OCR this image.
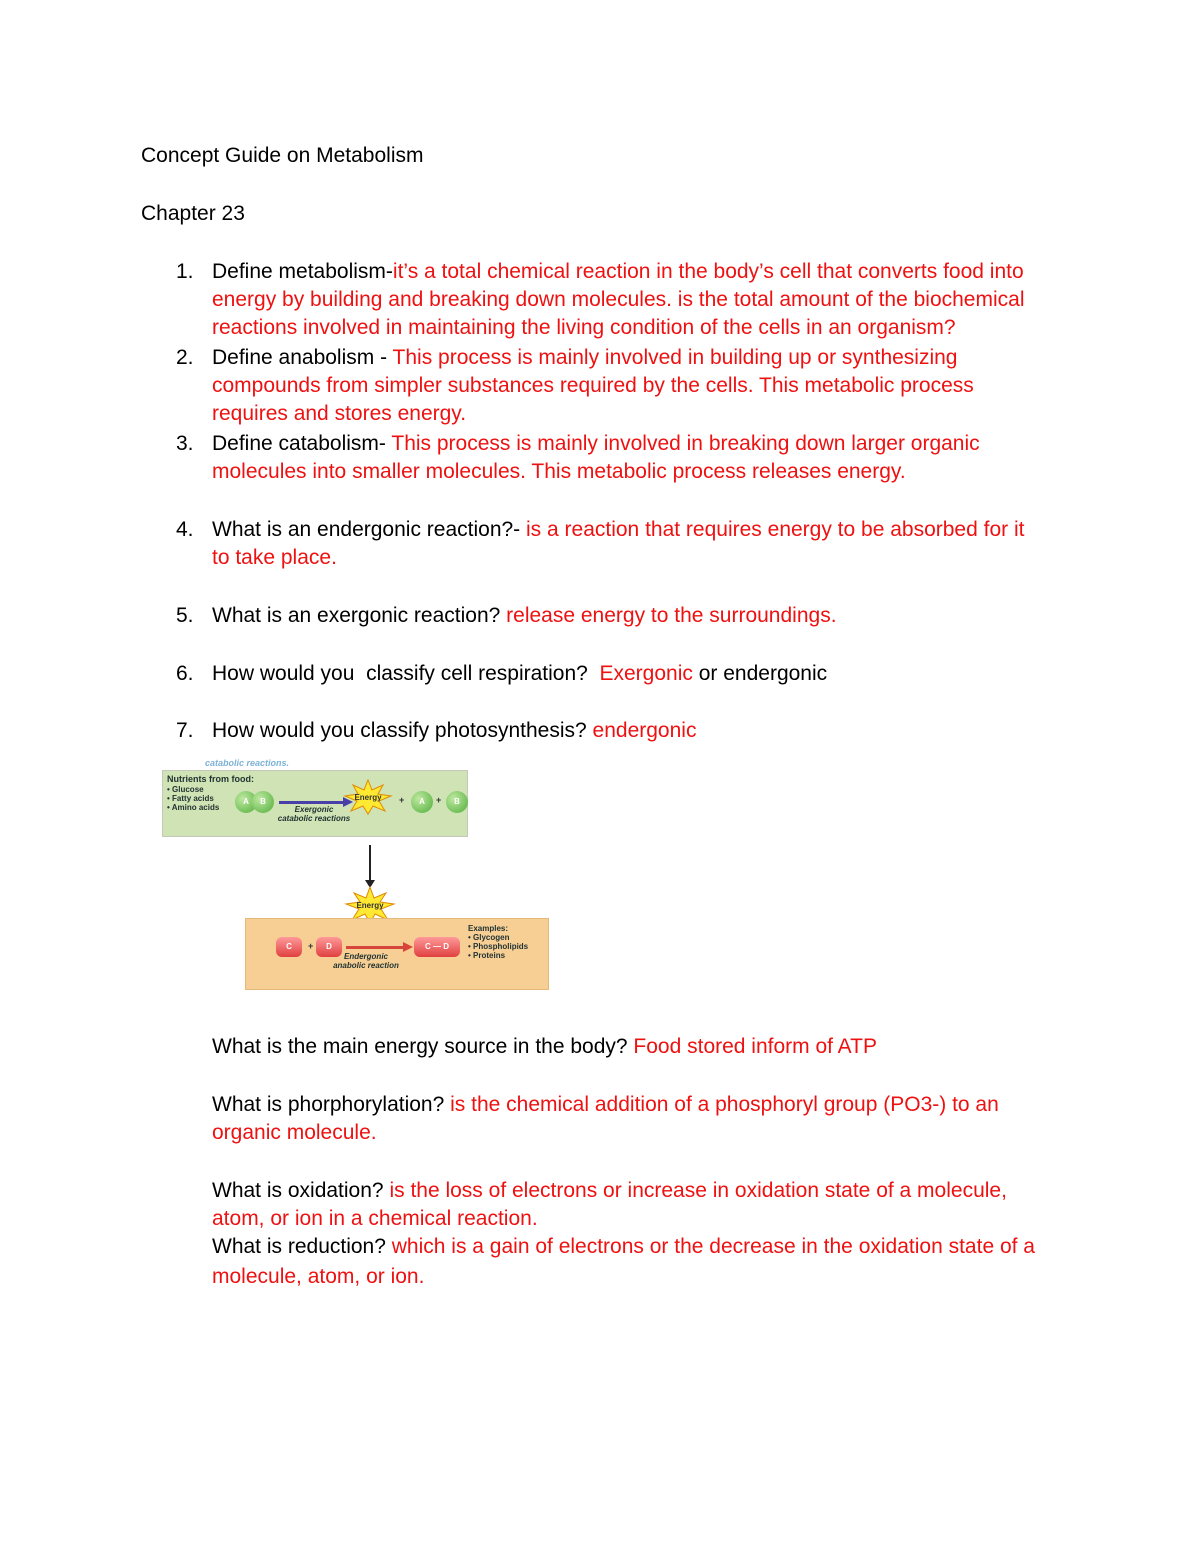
Concept Guide on Metabolism
Chapter 23
1. Define metabolism-it’s a total chemical reaction in the body’s cell that converts food into
energy by building and breaking down molecules. is the total amount of the biochemical
reactions involved in maintaining the living condition of the cells in an organism?
2. Define anabolism - This process is mainly involved in building up or synthesizing
compounds from simpler substances required by the cells. This metabolic process
requires and stores energy.
3. Define catabolism- This process is mainly involved in breaking down larger organic
molecules into smaller molecules. This metabolic process releases energy.
4. What is an endergonic reaction?- is a reaction that requires energy to be absorbed for it
to take place.
5. What is an exergonic reaction? release energy to the surroundings.
6. How would you  classify cell respiration?  Exergonic or endergonic
7. How would you classify photosynthesis? endergonic
catabolic reactions.
Nutrients from food:
• Glucose
• Fatty acids
• Amino acids
A	B
Exergonic
catabolic reactions
Energy +	A	+	B
Energy
C	+	D	C — D
Endergonic
anabolic reaction
Examples:
• Glycogen
• Phospholipids
• Proteins
What is the main energy source in the body? Food stored inform of ATP
What is phorphorylation? is the chemical addition of a phosphoryl group (PO3-) to an
organic molecule.
What is oxidation? is the loss of electrons or increase in oxidation state of a molecule,
atom, or ion in a chemical reaction.
What is reduction? which is a gain of electrons or the decrease in the oxidation state of a
molecule, atom, or ion.
